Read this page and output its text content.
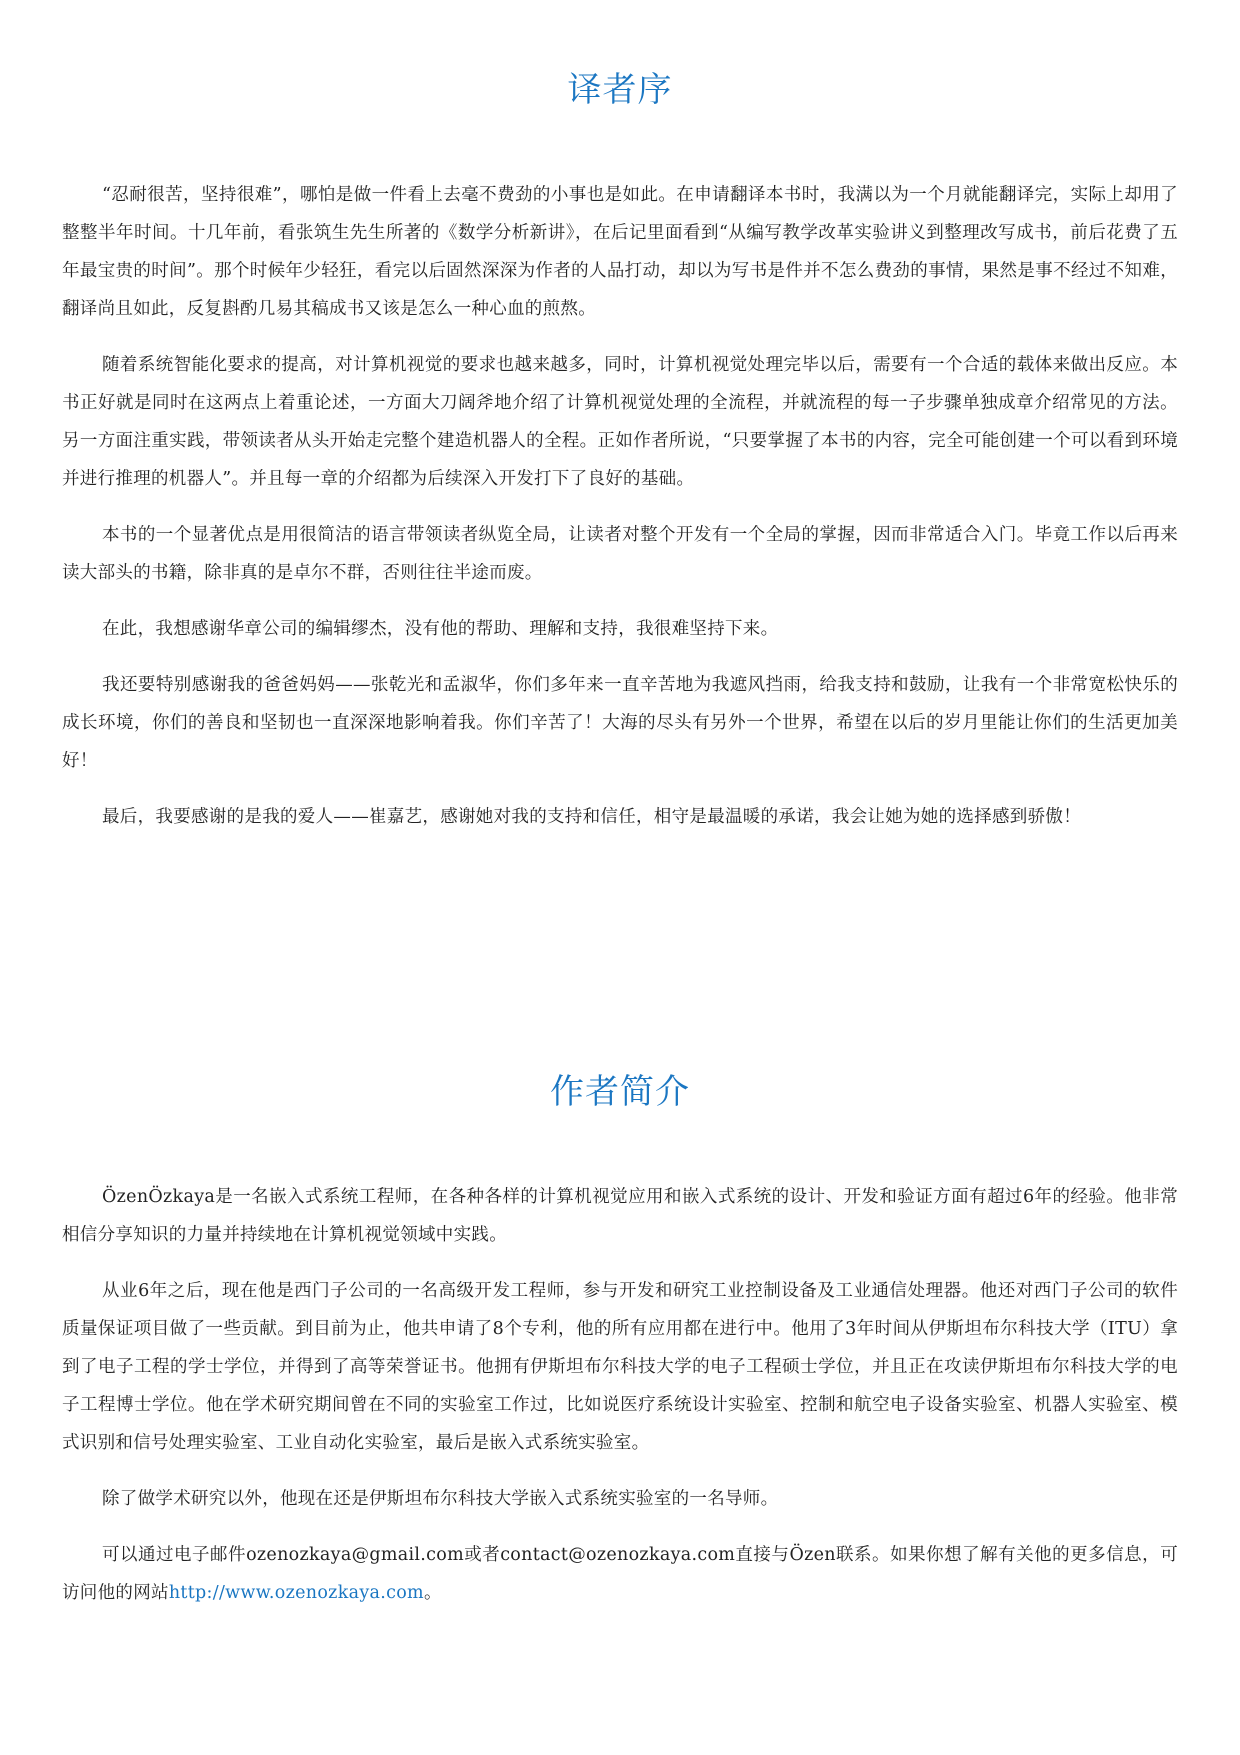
译者序

“忍耐很苦，坚持很难”，哪怕是做一件看上去毫不费劲的小事也是如此。在申请翻译本书时，我满以为一个月就能翻译完，实际上却用了整整半年时间。十几年前，看张筑生先生所著的《数学分析新讲》，在后记里面看到“从编写教学改革实验讲义到整理改写成书，前后花费了五年最宝贵的时间”。那个时候年少轻狂，看完以后固然深深为作者的人品打动，却以为写书是件并不怎么费劲的事情，果然是事不经过不知难，翻译尚且如此，反复斟酌几易其稿成书又该是怎么一种心血的煎熬。

随着系统智能化要求的提高，对计算机视觉的要求也越来越多，同时，计算机视觉处理完毕以后，需要有一个合适的载体来做出反应。本书正好就是同时在这两点上着重论述，一方面大刀阔斧地介绍了计算机视觉处理的全流程，并就流程的每一子步骤单独成章介绍常见的方法。另一方面注重实践，带领读者从头开始走完整个建造机器人的全程。正如作者所说，“只要掌握了本书的内容，完全可能创建一个可以看到环境并进行推理的机器人”。并且每一章的介绍都为后续深入开发打下了良好的基础。

本书的一个显著优点是用很简洁的语言带领读者纵览全局，让读者对整个开发有一个全局的掌握，因而非常适合入门。毕竟工作以后再来读大部头的书籍，除非真的是卓尔不群，否则往往半途而废。

在此，我想感谢华章公司的编辑缪杰，没有他的帮助、理解和支持，我很难坚持下来。

我还要特别感谢我的爸爸妈妈——张乾光和孟淑华，你们多年来一直辛苦地为我遮风挡雨，给我支持和鼓励，让我有一个非常宽松快乐的成长环境，你们的善良和坚韧也一直深深地影响着我。你们辛苦了！大海的尽头有另外一个世界，希望在以后的岁月里能让你们的生活更加美好！

最后，我要感谢的是我的爱人——崔嘉艺，感谢她对我的支持和信任，相守是最温暖的承诺，我会让她为她的选择感到骄傲！

作者简介

ÖzenÖzkaya是一名嵌入式系统工程师，在各种各样的计算机视觉应用和嵌入式系统的设计、开发和验证方面有超过6年的经验。他非常相信分享知识的力量并持续地在计算机视觉领域中实践。

从业6年之后，现在他是西门子公司的一名高级开发工程师，参与开发和研究工业控制设备及工业通信处理器。他还对西门子公司的软件质量保证项目做了一些贡献。到目前为止，他共申请了8个专利，他的所有应用都在进行中。他用了3年时间从伊斯坦布尔科技大学（ITU）拿到了电子工程的学士学位，并得到了高等荣誉证书。他拥有伊斯坦布尔科技大学的电子工程硕士学位，并且正在攻读伊斯坦布尔科技大学的电子工程博士学位。他在学术研究期间曾在不同的实验室工作过，比如说医疗系统设计实验室、控制和航空电子设备实验室、机器人实验室、模式识别和信号处理实验室、工业自动化实验室，最后是嵌入式系统实验室。

除了做学术研究以外，他现在还是伊斯坦布尔科技大学嵌入式系统实验室的一名导师。

可以通过电子邮件ozenozkaya@gmail.com或者contact@ozenozkaya.com直接与Özen联系。如果你想了解有关他的更多信息，可访问他的网站http://www.ozenozkaya.com。
